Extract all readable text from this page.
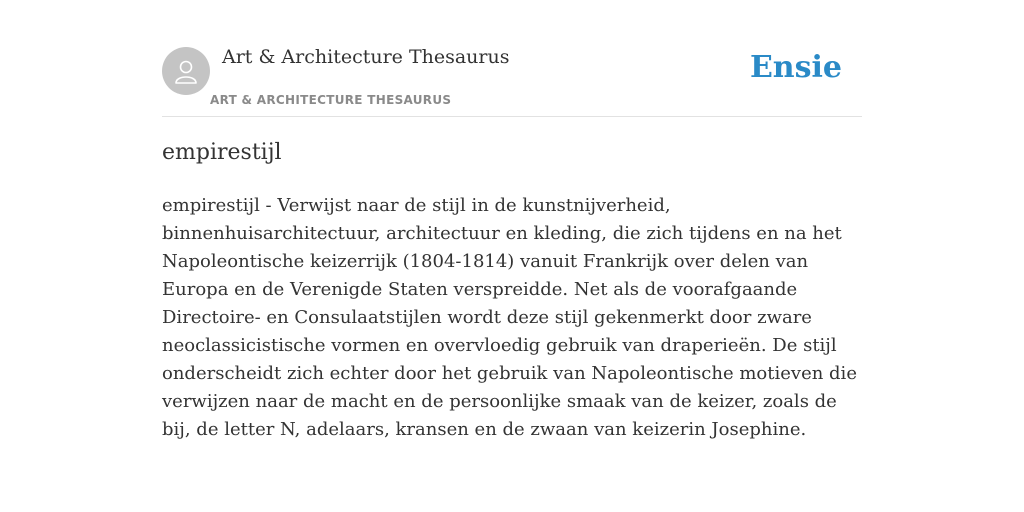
Art & Architecture Thesaurus
ART & ARCHITECTURE THESAURUS
Ensie
empirestijl

empirestijl - Verwijst naar de stijl in de kunstnijverheid, binnenhuisarchitectuur, architectuur en kleding, die zich tijdens en na het Napoleontische keizerrijk (1804-1814) vanuit Frankrijk over delen van Europa en de Verenigde Staten verspreidde. Net als de voorafgaande Directoire- en Consulaatstijlen wordt deze stijl gekenmerkt door zware neoclassicistische vormen en overvloedig gebruik van draperieën. De stijl onderscheidt zich echter door het gebruik van Napoleontische motieven die verwijzen naar de macht en de persoonlijke smaak van de keizer, zoals de bij, de letter N, adelaars, kransen en de zwaan van keizerin Josephine.
